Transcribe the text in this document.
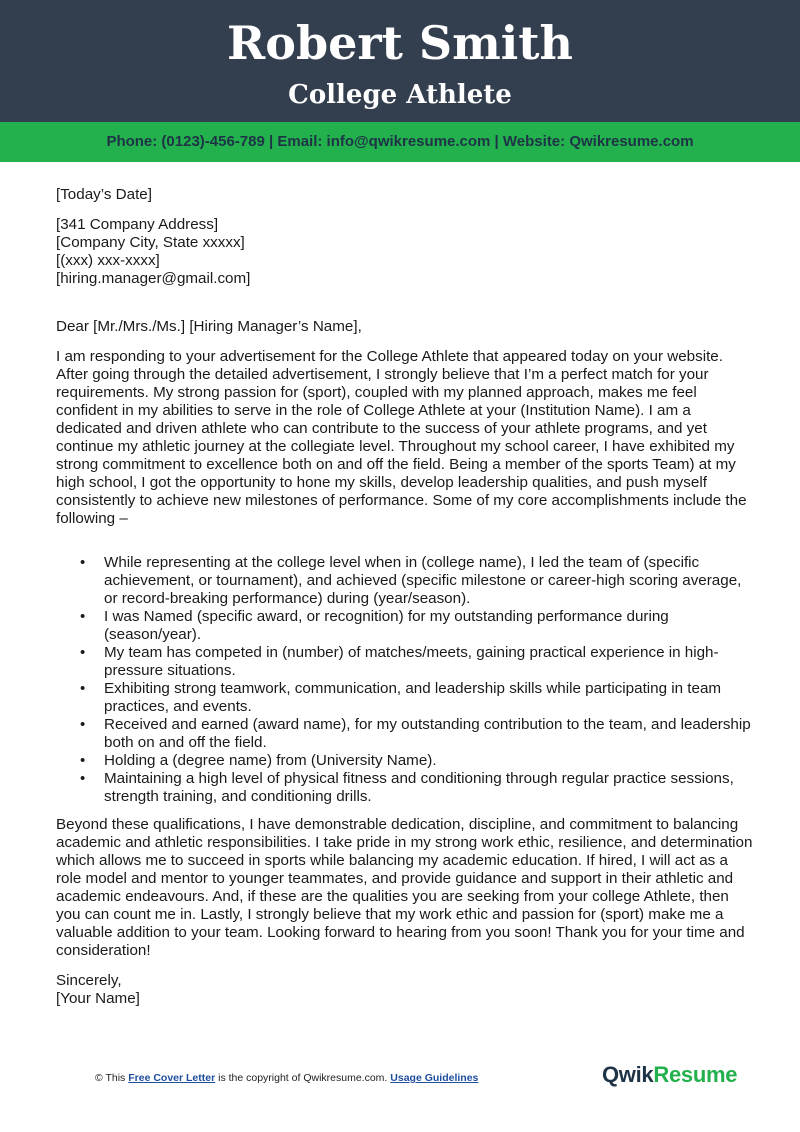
Robert Smith
College Athlete
Phone: (0123)-456-789 | Email: info@qwikresume.com | Website: Qwikresume.com

[Today’s Date]

[341 Company Address]

[Company City, State xxxxx]

[(xxx) xxx-xxxx]

[hiring.manager@gmail.com]

Dear [Mr./Mrs./Ms.] [Hiring Manager’s Name],

I am responding to your advertisement for the College Athlete that appeared today on your website. After going through the detailed advertisement, I strongly believe that I’m a perfect match for your requirements. My strong passion for (sport), coupled with my planned approach, makes me feel confident in my abilities to serve in the role of College Athlete at your (Institution Name). I am a dedicated and driven athlete who can contribute to the success of your athlete programs, and yet continue my athletic journey at the collegiate level. Throughout my school career, I have exhibited my strong commitment to excellence both on and off the field. Being a member of the sports Team) at my high school, I got the opportunity to hone my skills, develop leadership qualities, and push myself consistently to achieve new milestones of performance. Some of my core accomplishments include the following –

• While representing at the college level when in (college name), I led the team of (specific achievement, or tournament), and achieved (specific milestone or career-high scoring average, or record-breaking performance) during (year/season).
• I was Named (specific award, or recognition) for my outstanding performance during (season/year).
• My team has competed in (number) of matches/meets, gaining practical experience in high-pressure situations.
• Exhibiting strong teamwork, communication, and leadership skills while participating in team practices, and events.
• Received and earned (award name), for my outstanding contribution to the team, and leadership both on and off the field.
• Holding a (degree name) from (University Name).
• Maintaining a high level of physical fitness and conditioning through regular practice sessions, strength training, and conditioning drills.

Beyond these qualifications, I have demonstrable dedication, discipline, and commitment to balancing academic and athletic responsibilities. I take pride in my strong work ethic, resilience, and determination which allows me to succeed in sports while balancing my academic education. If hired, I will act as a role model and mentor to younger teammates, and provide guidance and support in their athletic and academic endeavours. And, if these are the qualities you are seeking from your college Athlete, then you can count me in. Lastly, I strongly believe that my work ethic and passion for (sport) make me a valuable addition to your team. Looking forward to hearing from you soon! Thank you for your time and consideration!

Sincerely,

[Your Name]

© This Free Cover Letter is the copyright of Qwikresume.com. Usage Guidelines	QwikResume
